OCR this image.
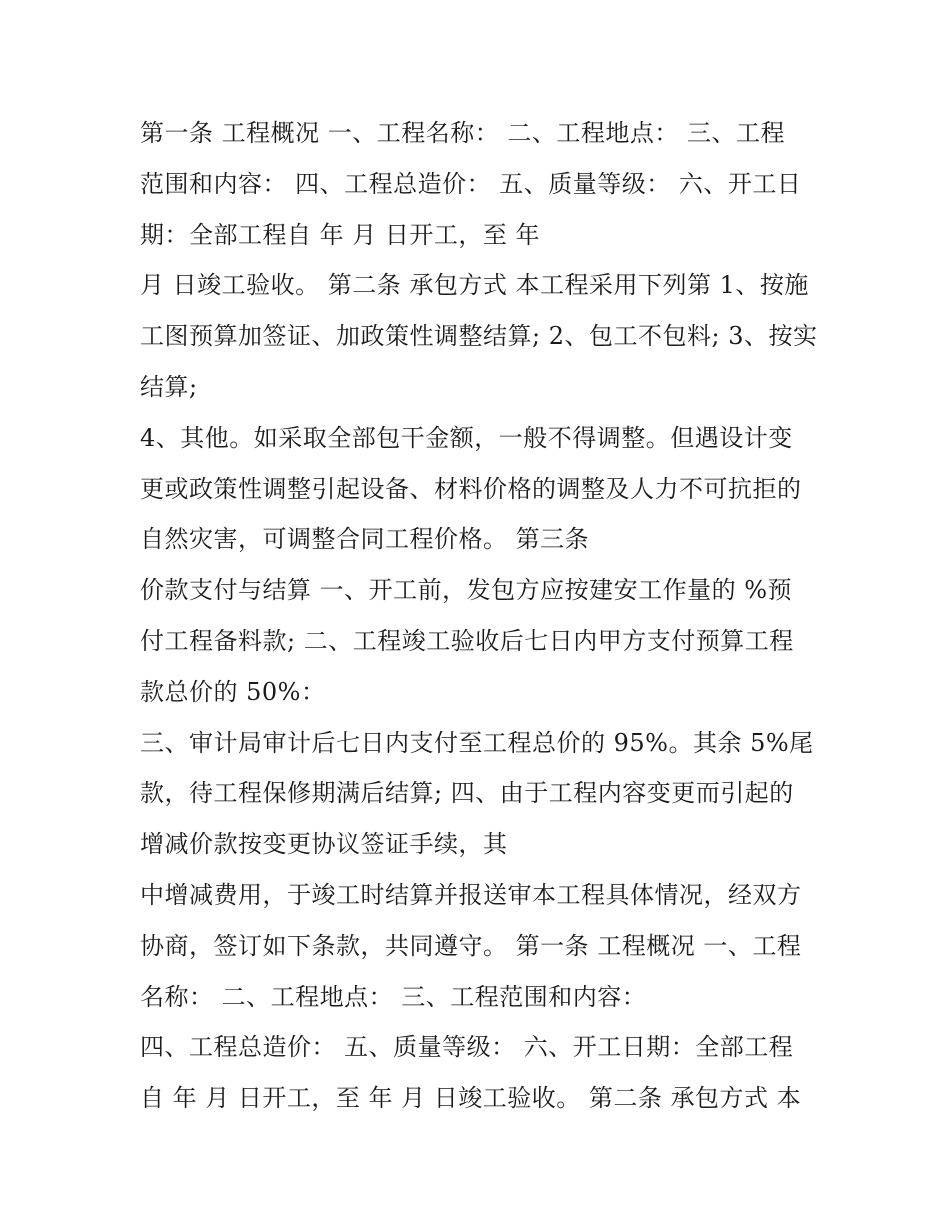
第一条 工程概况 一、工程名称： 二、工程地点： 三、工程
范围和内容： 四、工程总造价： 五、质量等级： 六、开工日
期：全部工程自 年 月 日开工，至 年
月 日竣工验收。 第二条 承包方式 本工程采用下列第 1、按施
工图预算加签证、加政策性调整结算; 2、包工不包料; 3、按实
结算;
4、其他。如采取全部包干金额，一般不得调整。但遇设计变
更或政策性调整引起设备、材料价格的调整及人力不可抗拒的
自然灾害，可调整合同工程价格。 第三条
价款支付与结算 一、开工前，发包方应按建安工作量的 %预
付工程备料款; 二、工程竣工验收后七日内甲方支付预算工程
款总价的 50%：
三、审计局审计后七日内支付至工程总价的 95%。其余 5%尾
款，待工程保修期满后结算; 四、由于工程内容变更而引起的
增减价款按变更协议签证手续，其
中增减费用，于竣工时结算并报送审本工程具体情况，经双方
协商，签订如下条款，共同遵守。 第一条 工程概况 一、工程
名称： 二、工程地点： 三、工程范围和内容：
四、工程总造价： 五、质量等级： 六、开工日期：全部工程
自 年 月 日开工，至 年 月 日竣工验收。 第二条 承包方式 本
